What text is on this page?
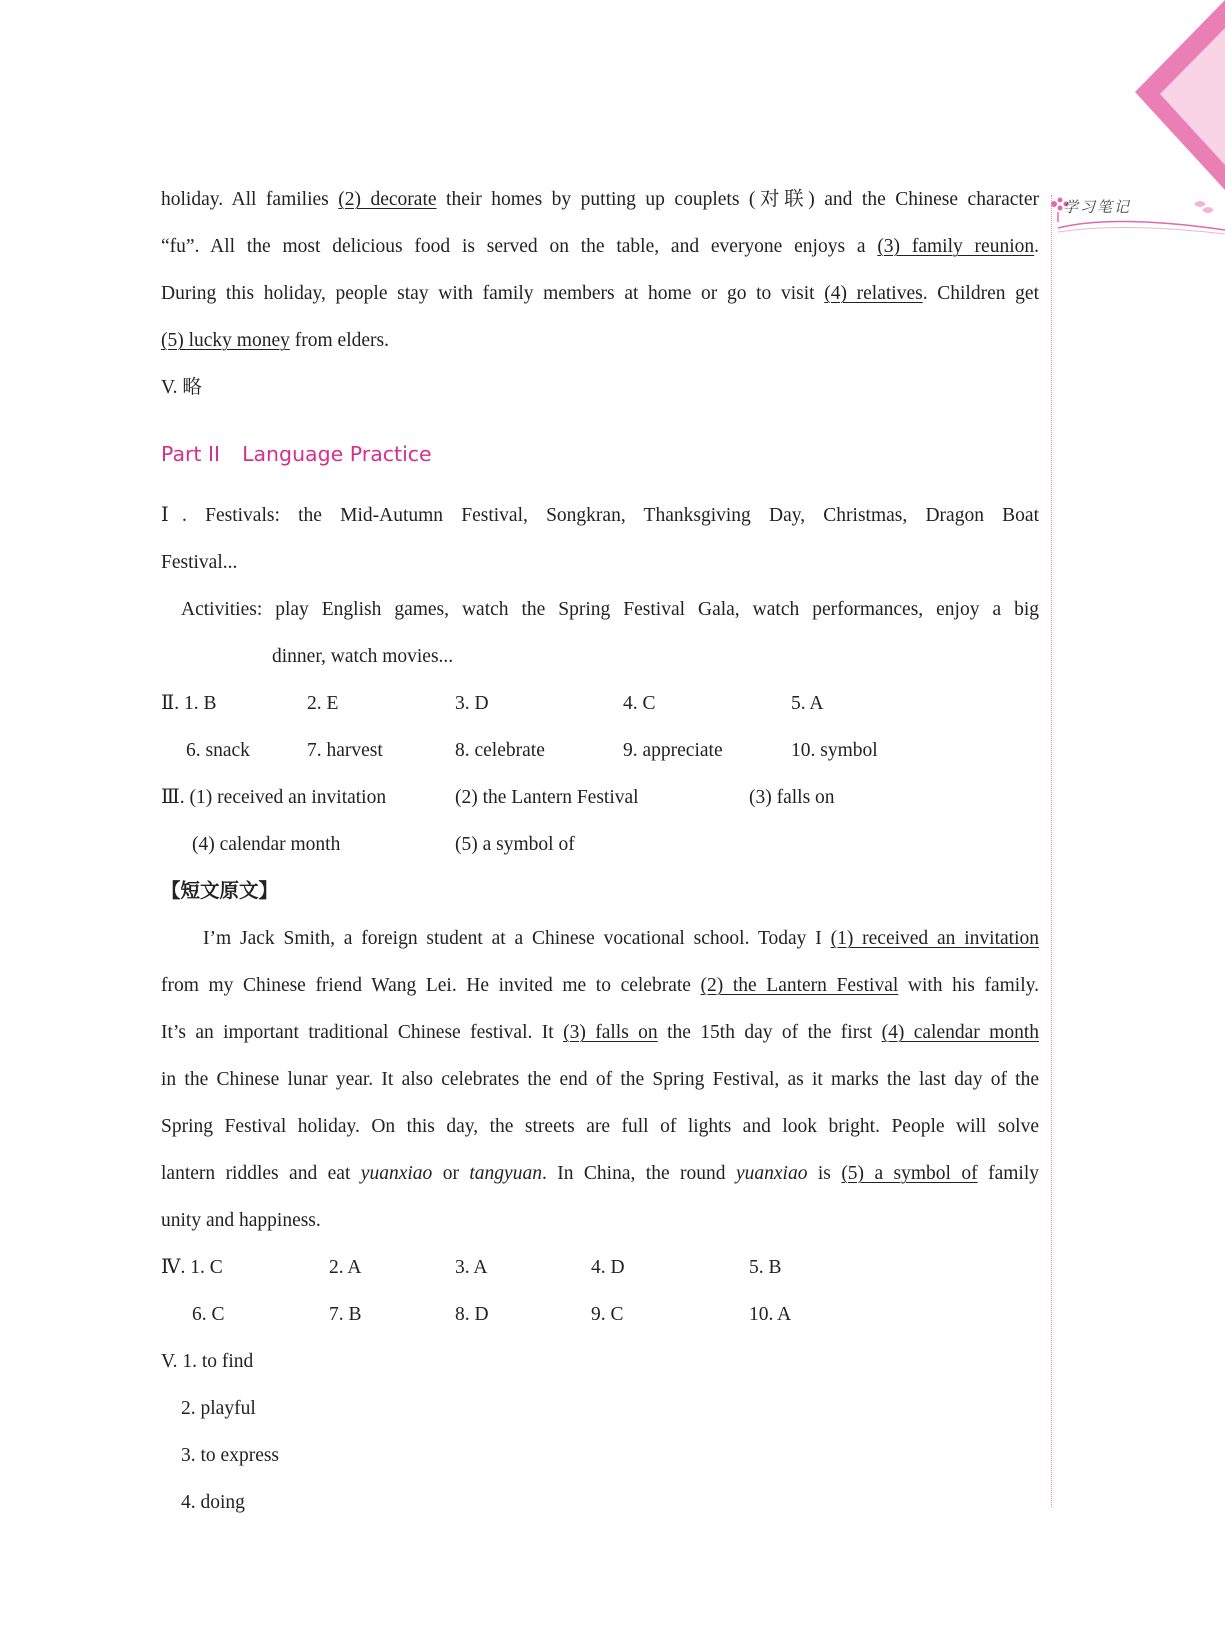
学习笔记
holiday. All families (2) decorate their homes by putting up couplets (对联) and the Chinese character
“fu”. All the most delicious food is served on the table, and everyone enjoys a (3) family reunion.
During this holiday, people stay with family members at home or go to visit (4) relatives. Children get
(5) lucky money from elders.
V. 略
Part II Language Practice
Ⅰ. Festivals: the Mid-Autumn Festival, Songkran, Thanksgiving Day, Christmas, Dragon Boat
Festival...
Activities: play English games, watch the Spring Festival Gala, watch performances, enjoy a big
dinner, watch movies...
Ⅱ. 1. B	2. E	3. D	4. C	5. A
6. snack	7. harvest	8. celebrate	9. appreciate	10. symbol
Ⅲ. (1) received an invitation	(2) the Lantern Festival	(3) falls on
(4) calendar month	(5) a symbol of
【短文原文】
I’m Jack Smith, a foreign student at a Chinese vocational school. Today I (1) received an invitation
from my Chinese friend Wang Lei. He invited me to celebrate (2) the Lantern Festival with his family.
It’s an important traditional Chinese festival. It (3) falls on the 15th day of the first (4) calendar month
in the Chinese lunar year. It also celebrates the end of the Spring Festival, as it marks the last day of the
Spring Festival holiday. On this day, the streets are full of lights and look bright. People will solve
lantern riddles and eat yuanxiao or tangyuan. In China, the round yuanxiao is (5) a symbol of family
unity and happiness.
Ⅳ. 1. C	2. A	3. A	4. D	5. B
6. C	7. B	8. D	9. C	10. A
V. 1. to find
2. playful
3. to express
4. doing
